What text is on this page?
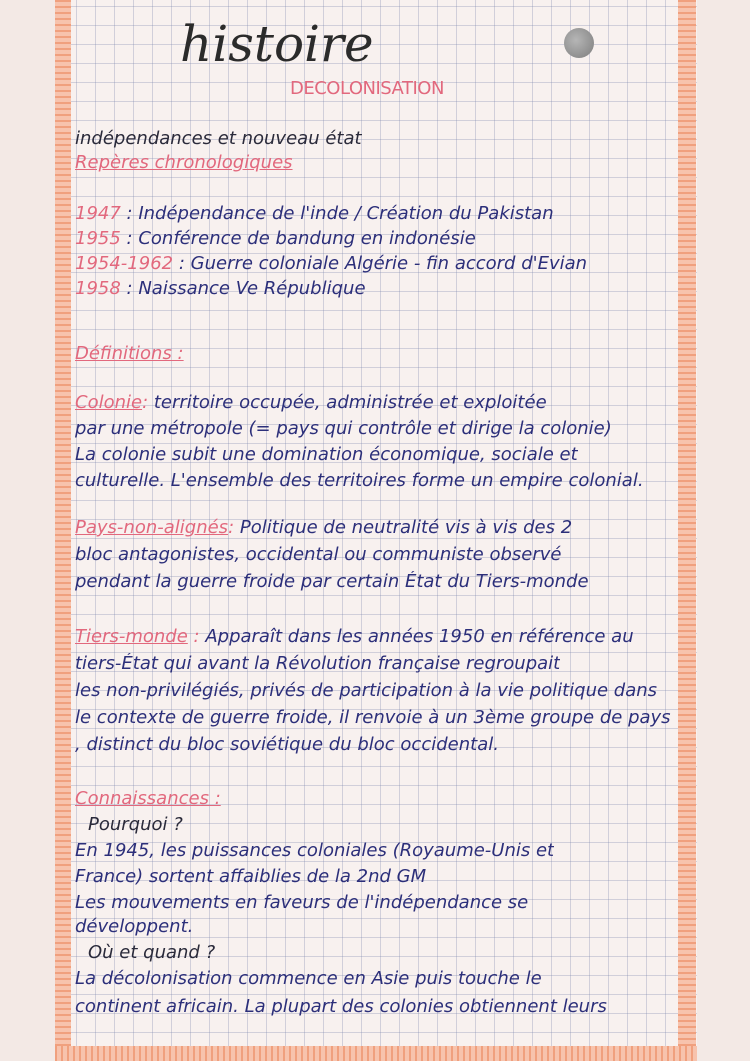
histoire
DECOLONISATION
indépendances et nouveau état
Repères chronologiques
1947 : Indépendance de l'inde / Création du Pakistan
1955 : Conférence de bandung en indonésie
1954-1962 : Guerre coloniale Algérie - fin accord d'Evian
1958 : Naissance Ve République
Définitions :
Colonie: territoire occupée, administrée et exploitée
par une métropole (= pays qui contrôle et dirige la colonie)
La colonie subit une domination économique, sociale et
culturelle. L'ensemble des territoires forme un empire colonial.
Pays-non-alignés: Politique de neutralité vis à vis des 2
bloc antagonistes, occidental ou communiste observé
pendant la guerre froide par certain État du Tiers-monde
Tiers-monde : Apparaît dans les années 1950 en référence au
tiers-État qui avant la Révolution française regroupait
les non-privilégiés, privés de participation à la vie politique dans
le contexte de guerre froide, il renvoie à un 3ème groupe de pays
, distinct du bloc soviétique du bloc occidental.
Connaissances :
Pourquoi ?
En 1945, les puissances coloniales (Royaume-Unis et
France) sortent affaiblies de la 2nd GM
Les mouvements en faveurs de l'indépendance se
développent.
Où et quand ?
La décolonisation commence en Asie puis touche le
continent africain. La plupart des colonies obtiennent leurs
